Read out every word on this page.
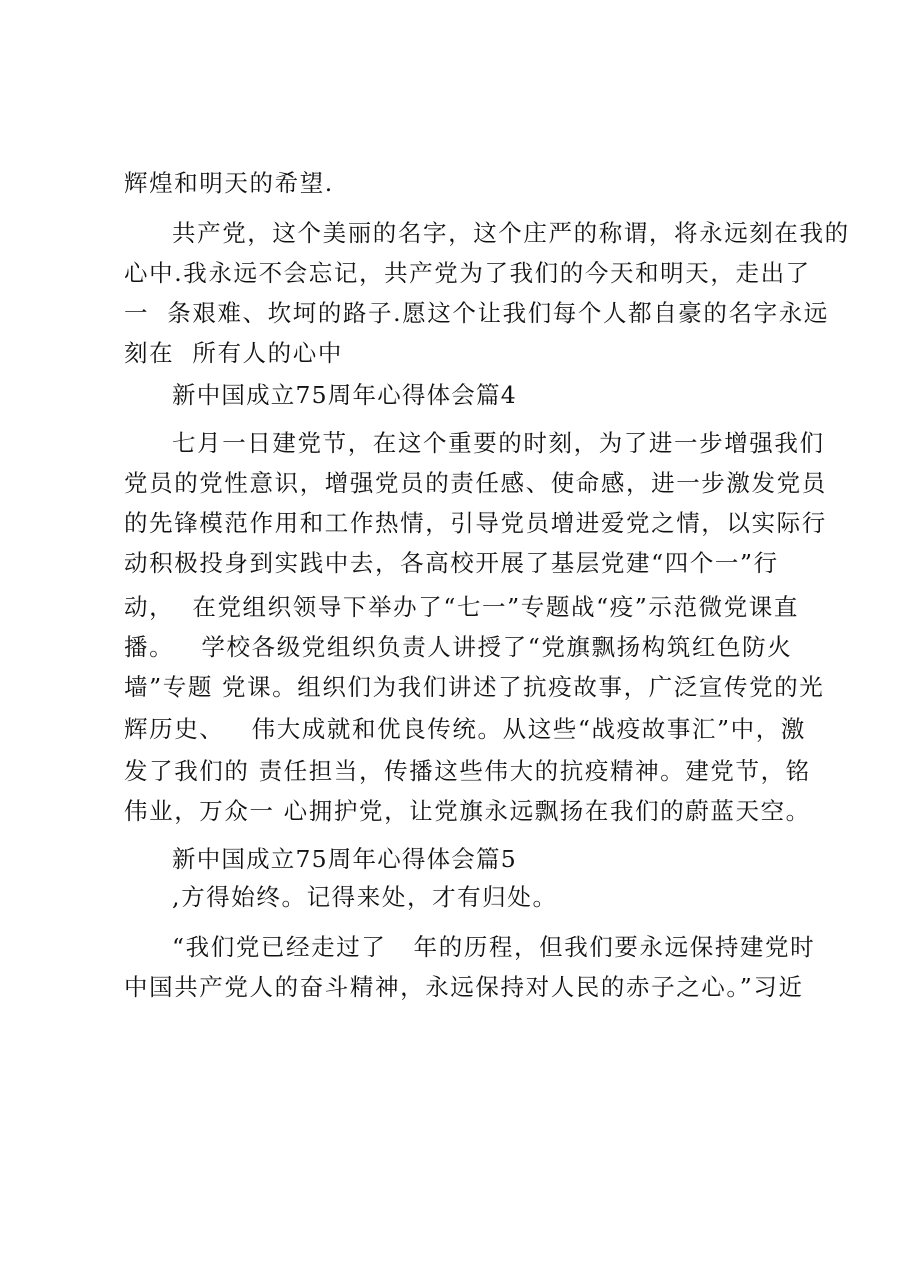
辉煌和明天的希望.
共产党，这个美丽的名字，这个庄严的称谓，将永远刻在我的
心中.我永远不会忘记，共产党为了我们的今天和明天，走出了
一  条艰难、坎坷的路子.愿这个让我们每个人都自豪的名字永远
刻在  所有人的心中
新中国成立75周年心得体会篇4
七月一日建党节，在这个重要的时刻，为了进一步增强我们
党员的党性意识，增强党员的责任感、使命感，进一步激发党员
的先锋模范作用和工作热情，引导党员增进爱党之情，以实际行
动积极投身到实践中去，各高校开展了基层党建“四个一”行
动，  在党组织领导下举办了“七一”专题战“疫”示范微党课直
播。   学校各级党组织负责人讲授了“党旗飘扬构筑红色防火
墙”专题 党课。组织们为我们讲述了抗疫故事，广泛宣传党的光
辉历史、   伟大成就和优良传统。从这些“战疫故事汇”中，激
发了我们的 责任担当，传播这些伟大的抗疫精神。建党节，铭
伟业，万众一 心拥护党，让党旗永远飘扬在我们的蔚蓝天空。
新中国成立75周年心得体会篇5
,方得始终。记得来处，才有归处。
“我们党已经走过了   年的历程，但我们要永远保持建党时
中国共产党人的奋斗精神，永远保持对人民的赤子之心。”习近
